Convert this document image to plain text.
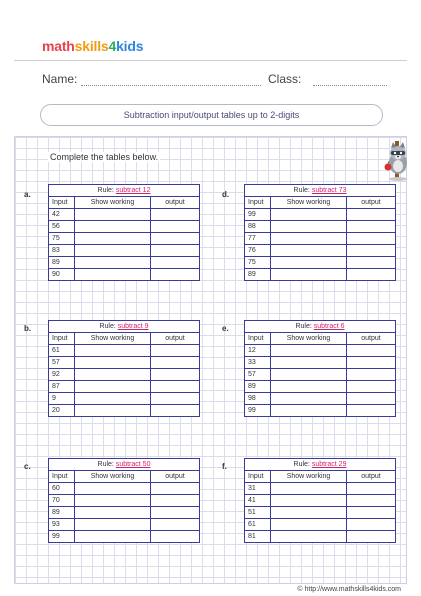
mathskills4kids
Name:	Class:
Subtraction input/output tables up to 2-digits
Complete the tables below.
a.	d.
b.	e.
c.	f.
Rule: subtract 12		
Input	Show working	output
42		
56		
75		
83		
89		
90		
Rule: subtract 73		
Input	Show working	output
99		
88		
77		
76		
75		
89		
Rule: subtract 9		
Input	Show working	output
61		
57		
92		
87		
9		
20		
Rule: subtract 6		
Input	Show working	output
12		
33		
57		
89		
98		
99		
Rule: subtract 50		
Input	Show working	output
60		
70		
89		
93		
99		
Rule: subtract 29		
Input	Show working	output
31		
41		
51		
61		
81		
© http://www.mathskills4kids.com
